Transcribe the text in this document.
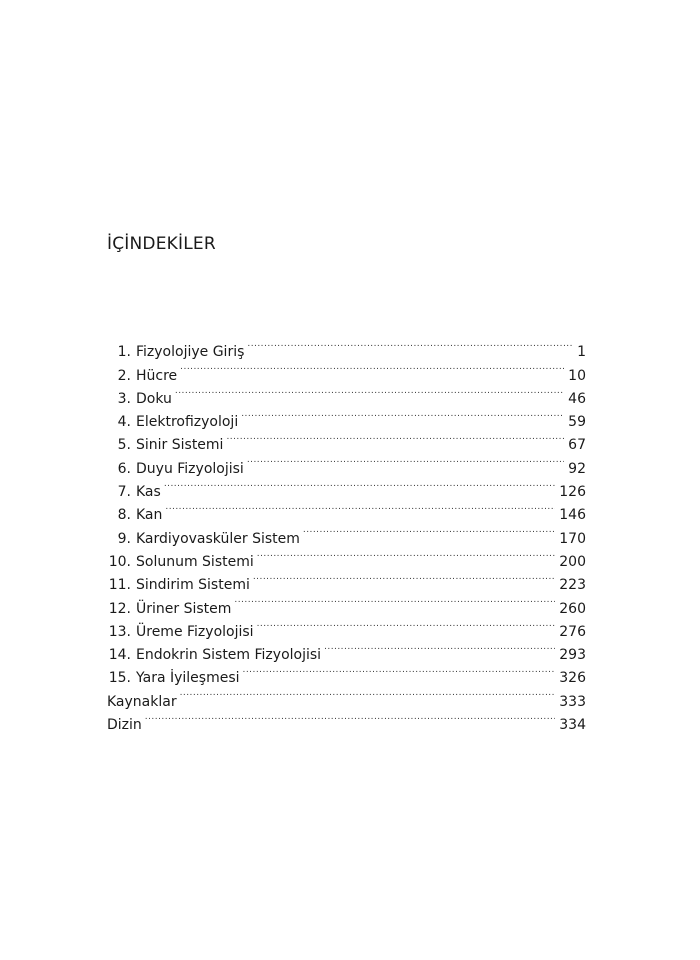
İÇİNDEKİLER
1. Fizyolojiye Giriş . . .	1
2. Hücre . . .	10
3. Doku . . .	46
4. Elektrofizyoloji . . .	59
5. Sinir Sistemi . . .	67
6. Duyu Fizyolojisi . . .	92
7. Kas . . .	126
8. Kan . . .	146
9. Kardiyovasküler Sistem . . .	170
10. Solunum Sistemi . . .	200
11. Sindirim Sistemi . . .	223
12. Üriner Sistem . . .	260
13. Üreme Fizyolojisi . . .	276
14. Endokrin Sistem Fizyolojisi . . .	293
15. Yara İyileşmesi . . .	326
Kaynaklar . . .	333
Dizin . . .	334
